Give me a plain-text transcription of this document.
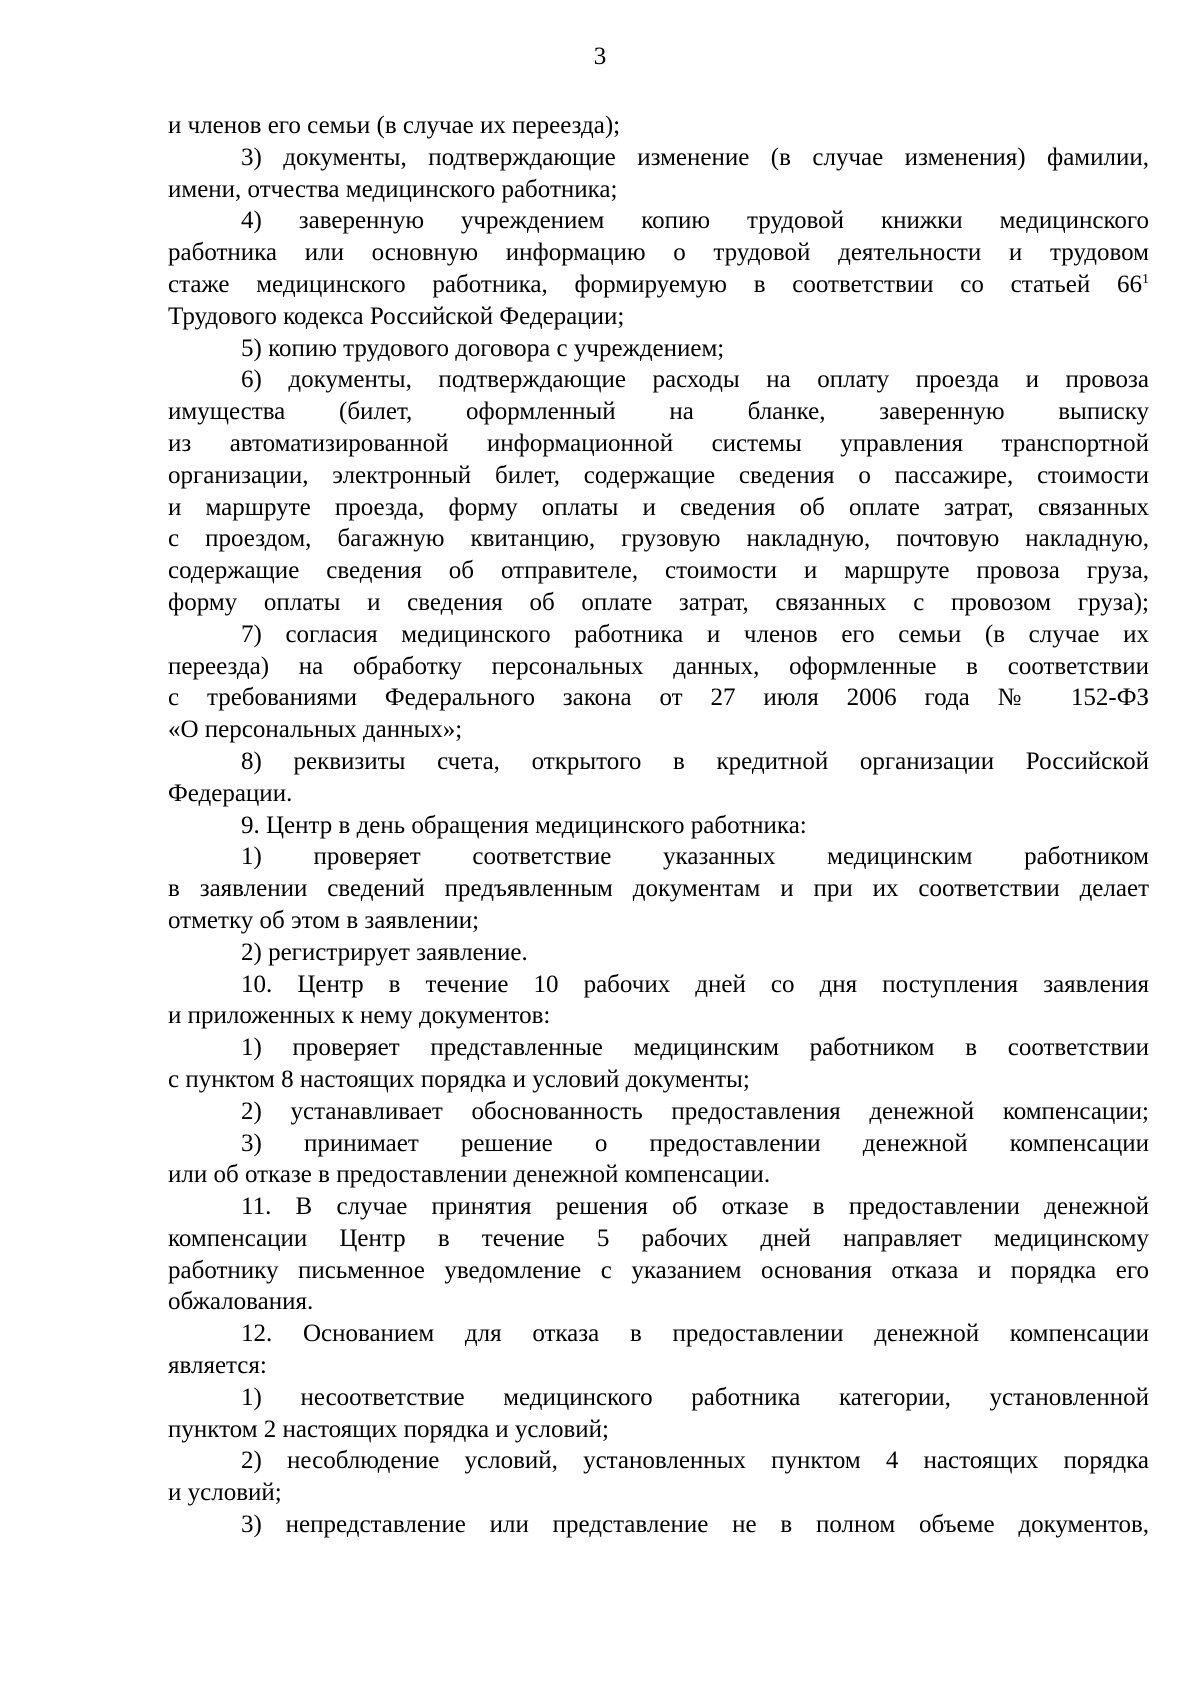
3
и членов его семьи (в случае их переезда);
3) документы, подтверждающие изменение (в случае изменения) фамилии,
имени, отчества медицинского работника;
4) заверенную учреждением копию трудовой книжки медицинского
работника или основную информацию о трудовой деятельности и трудовом
стаже медицинского работника, формируемую в соответствии со статьей $66^1$
Трудового кодекса Российской Федерации;
5) копию трудового договора с учреждением;
6) документы, подтверждающие расходы на оплату проезда и провоза
имущества (билет, оформленный на бланке, заверенную выписку
из автоматизированной информационной системы управления транспортной
организации, электронный билет, содержащие сведения о пассажире, стоимости
и маршруте проезда, форму оплаты и сведения об оплате затрат, связанных
с проездом, багажную квитанцию, грузовую накладную, почтовую накладную,
содержащие сведения об отправителе, стоимости и маршруте провоза груза,
форму оплаты и сведения об оплате затрат, связанных с провозом груза);
7) согласия медицинского работника и членов его семьи (в случае их
переезда) на обработку персональных данных, оформленные в соответствии
с требованиями Федерального закона от 27 июля 2006 года № 152-ФЗ
«О персональных данных»;
8) реквизиты счета, открытого в кредитной организации Российской
Федерации.
9. Центр в день обращения медицинского работника:
1) проверяет соответствие указанных медицинским работником
в заявлении сведений предъявленным документам и при их соответствии делает
отметку об этом в заявлении;
2) регистрирует заявление.
10. Центр в течение 10 рабочих дней со дня поступления заявления
и приложенных к нему документов:
1) проверяет представленные медицинским работником в соответствии
с пунктом 8 настоящих порядка и условий документы;
2) устанавливает обоснованность предоставления денежной компенсации;
3) принимает решение о предоставлении денежной компенсации
или об отказе в предоставлении денежной компенсации.
11. В случае принятия решения об отказе в предоставлении денежной
компенсации Центр в течение 5 рабочих дней направляет медицинскому
работнику письменное уведомление с указанием основания отказа и порядка его
обжалования.
12. Основанием для отказа в предоставлении денежной компенсации
является:
1) несоответствие медицинского работника категории, установленной
пунктом 2 настоящих порядка и условий;
2) несоблюдение условий, установленных пунктом 4 настоящих порядка
и условий;
3) непредставление или представление не в полном объеме документов,
